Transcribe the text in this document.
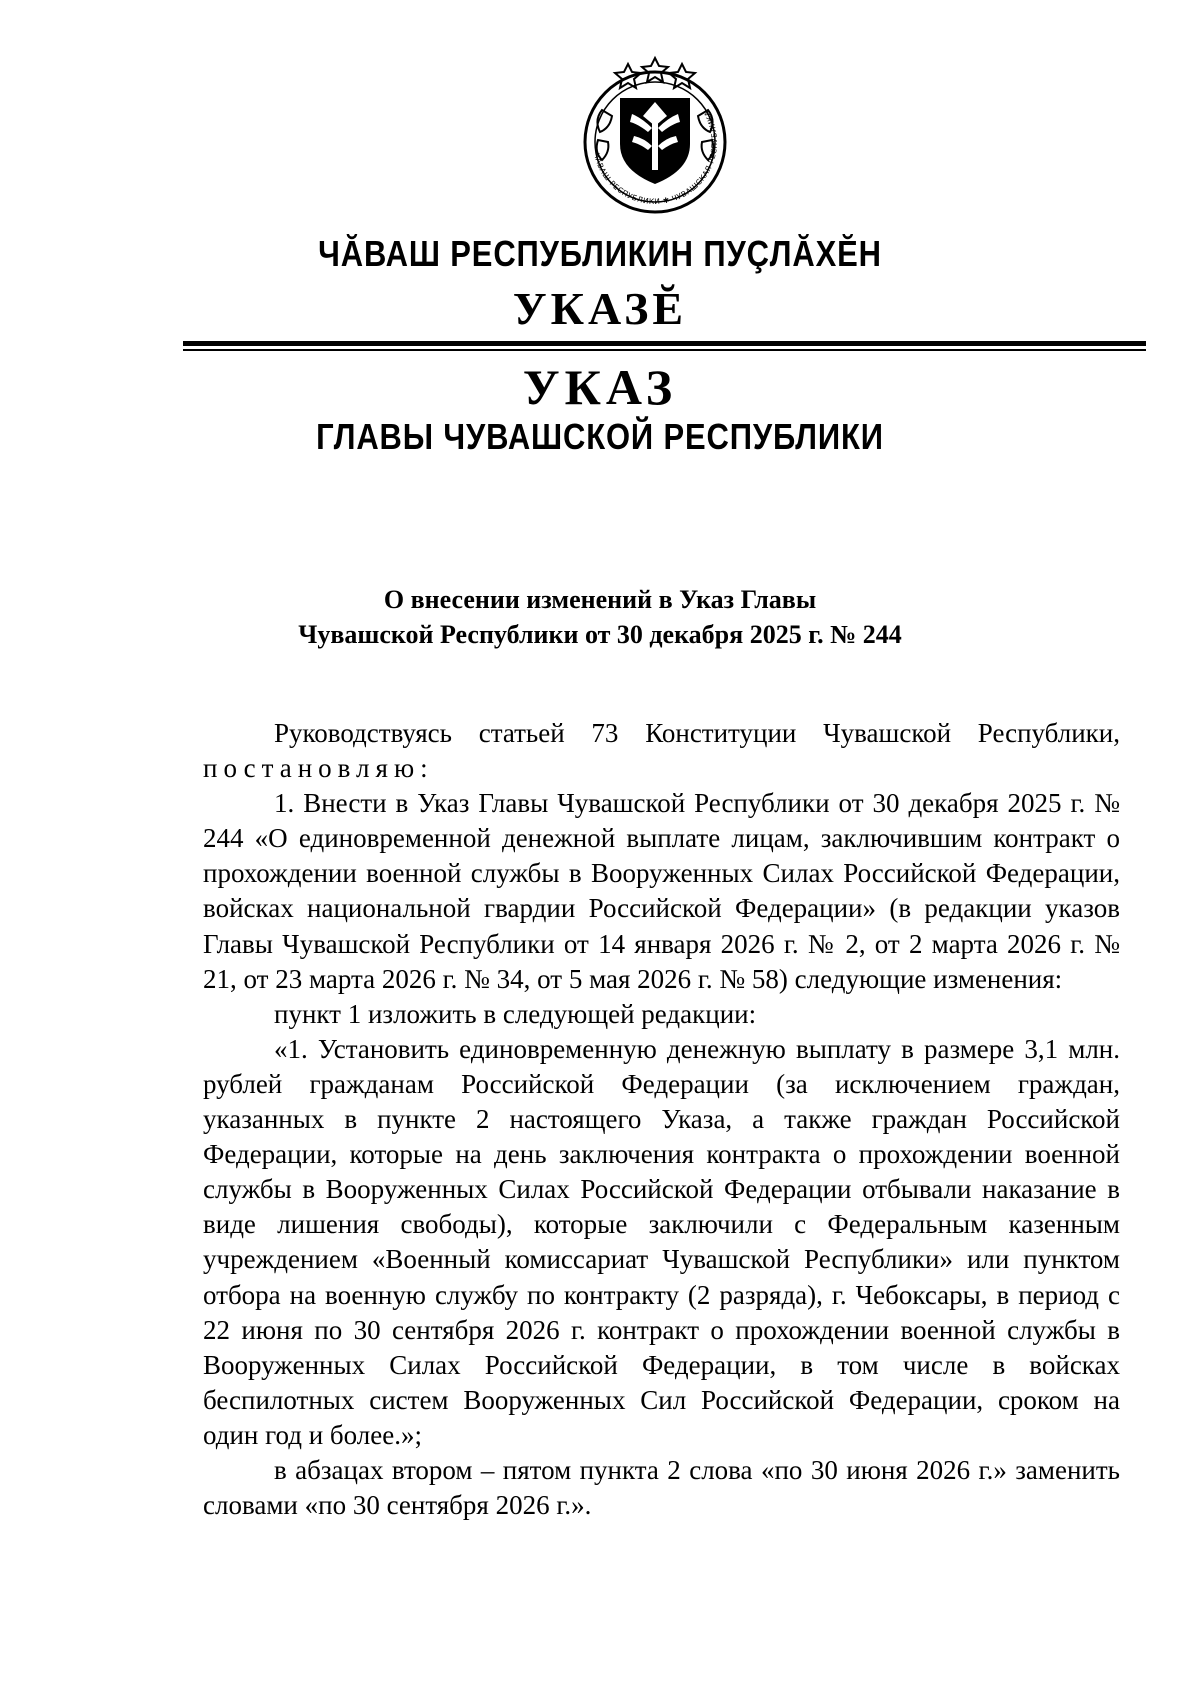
ЧĂВАШ РЕСПУБЛИКИ ✱ ЧУВАШСКАЯ РЕСПУБЛИКА
ЧĂВАШ РЕСПУБЛИКИН ПУÇЛĂХĔН
УКАЗĔ
УКАЗ
ГЛАВЫ ЧУВАШСКОЙ РЕСПУБЛИКИ
О внесении изменений в Указ Главы
Чувашской Республики от 30 декабря 2025 г. № 244

Руководствуясь статьей 73 Конституции Чувашской Республики, постановляю:

1. Внести в Указ Главы Чувашской Республики от 30 декабря 2025 г. № 244 «О единовременной денежной выплате лицам, заключившим контракт о прохождении военной службы в Вооруженных Силах Российской Федерации, войсках национальной гвардии Российской Федерации» (в редакции указов Главы Чувашской Республики от 14 января 2026 г. № 2, от 2 марта 2026 г. № 21, от 23 марта 2026 г. № 34, от 5 мая 2026 г. № 58) следующие изменения:

пункт 1 изложить в следующей редакции:

«1. Установить единовременную денежную выплату в размере 3,1 млн. рублей гражданам Российской Федерации (за исключением граждан, указанных в пункте 2 настоящего Указа, а также граждан Российской Федерации, которые на день заключения контракта о прохождении военной службы в Вооруженных Силах Российской Федерации отбывали наказание в виде лишения свободы), которые заключили с Федеральным казенным учреждением «Военный комиссариат Чувашской Республики» или пунктом отбора на военную службу по контракту (2 разряда), г. Чебоксары, в период с 22 июня по 30 сентября 2026 г. контракт о прохождении военной службы в Вооруженных Силах Российской Федерации, в том числе в войсках беспилотных систем Вооруженных Сил Российской Федерации, сроком на один год и более.»;

в абзацах втором – пятом пункта 2 слова «по 30 июня 2026 г.» заменить словами «по 30 сентября 2026 г.».
